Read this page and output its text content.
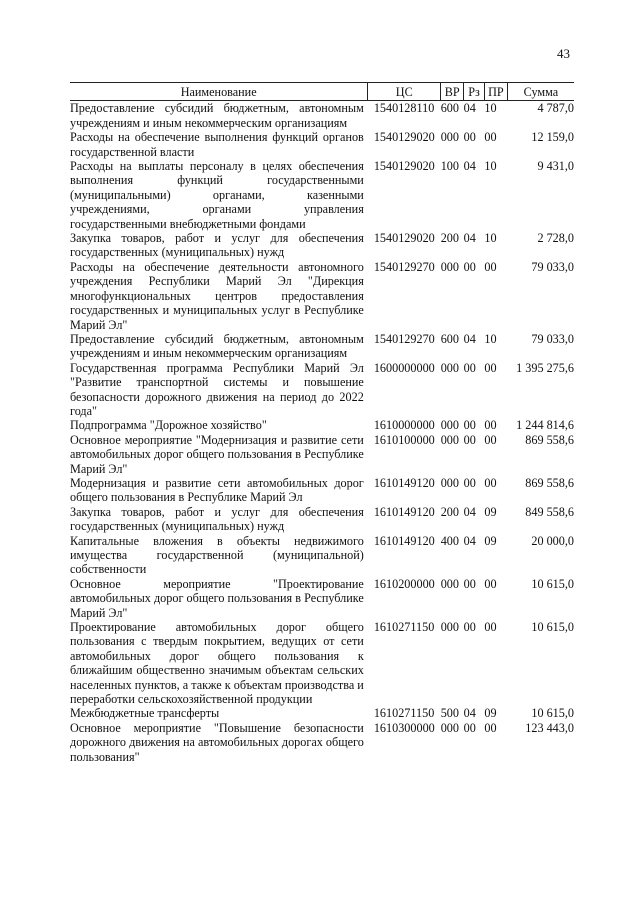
43
Наименование	ЦС	ВР	Рз	ПР	Сумма
Предоставление субсидий бюджетным, автономным учреждениям и иным некоммерческим организациям	1540128110	600	04	10	4 787,0
Расходы на обеспечение выполнения функций органов государственной власти	1540129020	000	00	00	12 159,0
Расходы на выплаты персоналу в целях обеспечения выполнения функций государственными (муниципальными) органами, казенными учреждениями, органами управления государственными внебюджетными фондами	1540129020	100	04	10	9 431,0
Закупка товаров, работ и услуг для обеспечения государственных (муниципальных) нужд	1540129020	200	04	10	2 728,0
Расходы на обеспечение деятельности автономного учреждения Республики Марий Эл "Дирекция многофункциональных центров предоставления государственных и муниципальных услуг в Республике Марий Эл"	1540129270	000	00	00	79 033,0
Предоставление субсидий бюджетным, автономным учреждениям и иным некоммерческим организациям	1540129270	600	04	10	79 033,0
Государственная программа Республики Марий Эл "Развитие транспортной системы и повышение безопасности дорожного движения на период до 2022 года"	1600000000	000	00	00	1 395 275,6
Подпрограмма "Дорожное хозяйство"	1610000000	000	00	00	1 244 814,6
Основное мероприятие "Модернизация и развитие сети автомобильных дорог общего пользования в Республике Марий Эл"	1610100000	000	00	00	869 558,6
Модернизация и развитие сети автомобильных дорог общего пользования в Республике Марий Эл	1610149120	000	00	00	869 558,6
Закупка товаров, работ и услуг для обеспечения государственных (муниципальных) нужд	1610149120	200	04	09	849 558,6
Капитальные вложения в объекты недвижимого имущества государственной (муниципальной) собственности	1610149120	400	04	09	20 000,0
Основное мероприятие "Проектирование автомобильных дорог общего пользования в Республике Марий Эл"	1610200000	000	00	00	10 615,0
Проектирование автомобильных дорог общего пользования с твердым покрытием, ведущих от сети автомобильных дорог общего пользования к ближайшим общественно значимым объектам сельских населенных пунктов, а также к объектам производства и переработки сельскохозяйственной продукции	1610271150	000	00	00	10 615,0
Межбюджетные трансферты	1610271150	500	04	09	10 615,0
Основное мероприятие "Повышение безопасности дорожного движения на автомобильных дорогах общего пользования"	1610300000	000	00	00	123 443,0
